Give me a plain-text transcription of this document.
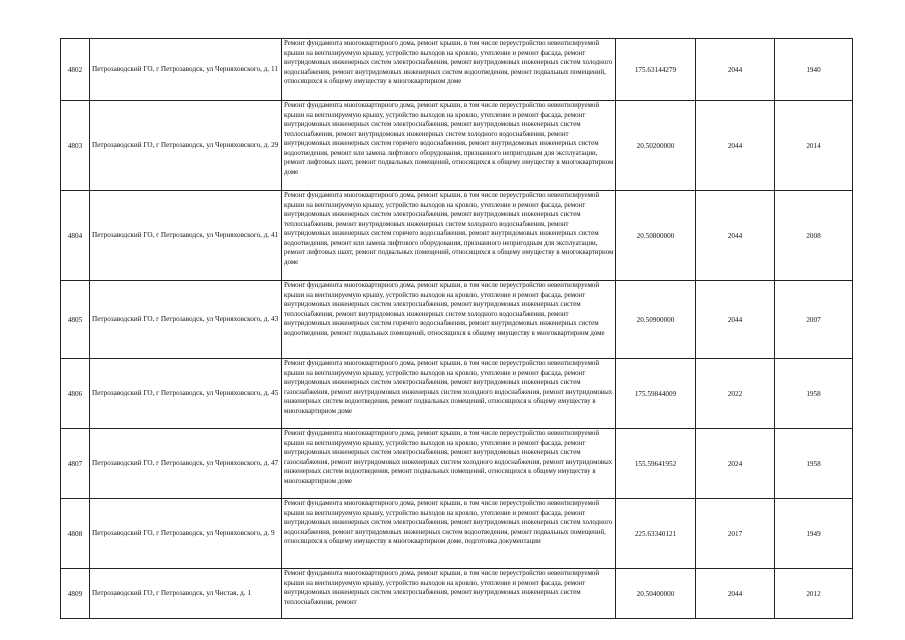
4802	Петрозаводский ГО, г Петрозаводск, ул Черняховского, д. 11	Ремонт фундамента многоквартирного дома, ремонт крыши, в том числе переустройство невентилируемой крыши на вентилируемую крышу, устройство выходов на кровлю, утепление и ремонт фасада, ремонт внутридомовых инженерных систем электроснабжения, ремонт внутридомовых инженерных систем холодного водоснабжения, ремонт внутридомовых инженерных систем водоотведения, ремонт подвальных помещений, относящихся к общему имуществу в многоквартирном доме	175.63144279	2044	1940
4803	Петрозаводский ГО, г Петрозаводск, ул Черняховского, д. 29	Ремонт фундамента многоквартирного дома, ремонт крыши, в том числе переустройство невентилируемой крыши на вентилируемую крышу, устройство выходов на кровлю, утепление и ремонт фасада, ремонт внутридомовых инженерных систем электроснабжения, ремонт внутридомовых инженерных систем теплоснабжения, ремонт внутридомовых инженерных систем холодного водоснабжения, ремонт внутридомовых инженерных систем горячего водоснабжения, ремонт внутридомовых инженерных систем водоотведения, ремонт или замена лифтового оборудования, признанного непригодным для эксплуатации, ремонт лифтовых шахт, ремонт подвальных помещений, относящихся к общему имуществу в многоквартирном доме	20.50200000	2044	2014
4804	Петрозаводский ГО, г Петрозаводск, ул Черняховского, д. 41	Ремонт фундамента многоквартирного дома, ремонт крыши, в том числе переустройство невентилируемой крыши на вентилируемую крышу, устройство выходов на кровлю, утепление и ремонт фасада, ремонт внутридомовых инженерных систем электроснабжения, ремонт внутридомовых инженерных систем теплоснабжения, ремонт внутридомовых инженерных систем холодного водоснабжения, ремонт внутридомовых инженерных систем горячего водоснабжения, ремонт внутридомовых инженерных систем водоотведения, ремонт или замена лифтового оборудования, признанного непригодным для эксплуатации, ремонт лифтовых шахт, ремонт подвальных помещений, относящихся к общему имуществу в многоквартирном доме	20.50800000	2044	2008
4805	Петрозаводский ГО, г Петрозаводск, ул Черняховского, д. 43	Ремонт фундамента многоквартирного дома, ремонт крыши, в том числе переустройство невентилируемой крыши на вентилируемую крышу, устройство выходов на кровлю, утепление и ремонт фасада, ремонт внутридомовых инженерных систем электроснабжения, ремонт внутридомовых инженерных систем теплоснабжения, ремонт внутридомовых инженерных систем холодного водоснабжения, ремонт внутридомовых инженерных систем горячего водоснабжения, ремонт внутридомовых инженерных систем водоотведения, ремонт подвальных помещений, относящихся к общему имуществу в многоквартирном доме	20.50900000	2044	2007
4806	Петрозаводский ГО, г Петрозаводск, ул Черняховского, д. 45	Ремонт фундамента многоквартирного дома, ремонт крыши, в том числе переустройство невентилируемой крыши на вентилируемую крышу, устройство выходов на кровлю, утепление и ремонт фасада, ремонт внутридомовых инженерных систем электроснабжения, ремонт внутридомовых инженерных систем газоснабжения, ремонт внутридомовых инженерных систем холодного водоснабжения, ремонт внутридомовых инженерных систем водоотведения, ремонт подвальных помещений, относящихся к общему имуществу в многоквартирном доме	175.59844009	2022	1958
4807	Петрозаводский ГО, г Петрозаводск, ул Черняховского, д. 47	Ремонт фундамента многоквартирного дома, ремонт крыши, в том числе переустройство невентилируемой крыши на вентилируемую крышу, устройство выходов на кровлю, утепление и ремонт фасада, ремонт внутридомовых инженерных систем электроснабжения, ремонт внутридомовых инженерных систем газоснабжения, ремонт внутридомовых инженерных систем холодного водоснабжения, ремонт внутридомовых инженерных систем водоотведения, ремонт подвальных помещений, относящихся к общему имуществу в многоквартирном доме	155.59641952	2024	1958
4808	Петрозаводский ГО, г Петрозаводск, ул Черняховского, д. 9	Ремонт фундамента многоквартирного дома, ремонт крыши, в том числе переустройство невентилируемой крыши на вентилируемую крышу, устройство выходов на кровлю, утепление и ремонт фасада, ремонт внутридомовых инженерных систем электроснабжения, ремонт внутридомовых инженерных систем холодного водоснабжения, ремонт внутридомовых инженерных систем водоотведения, ремонт подвальных помещений, относящихся к общему имуществу в многоквартирном доме, подготовка документации	225.63340121	2017	1949
4809	Петрозаводский ГО, г Петрозаводск, ул Чистая, д. 1	Ремонт фундамента многоквартирного дома, ремонт крыши, в том числе переустройство невентилируемой крыши на вентилируемую крышу, устройство выходов на кровлю, утепление и ремонт фасада, ремонт внутридомовых инженерных систем электроснабжения, ремонт внутридомовых инженерных систем теплоснабжения, ремонт	20.50400000	2044	2012
